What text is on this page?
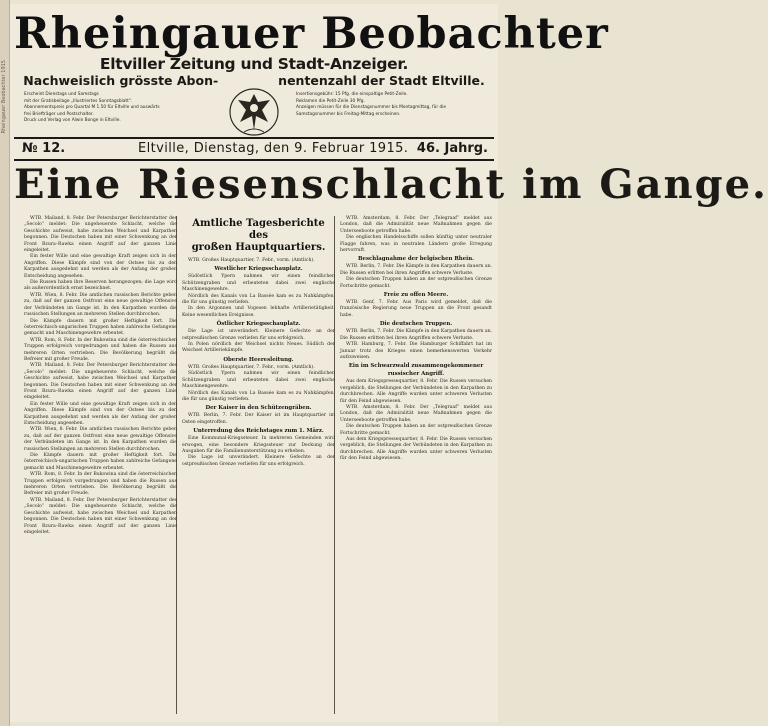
Rheingauer Beobachter 1915
Rheingauer Beobachter
Eltviller Zeitung und Stadt-Anzeiger.
Nachweislich grösste Abon-	nentenzahl der Stadt Eltville.
Erscheint Dienstags und Samstags
mit der Gratisbeilage „Illustriertes Sonntagsblatt“.
Abonnementspreis pro Quartal M 1.50 für Eltville und auswärts
frei Briefträger und Postschalter.
Druck und Verlag von Alwin Bonge in Eltville.
Insertionsgebühr: 15 Pfg. die einspaltige Petit-Zeile.
Reklamen die Petit-Zeile 30 Pfg.
Anzeigen müssen für die Dienstagsnummer bis Montagmittag, für die
Samstagsnummer bis Freitag-Mittag erscheinen.
№ 12.	Eltville, Dienstag, den 9. Februar 1915. 46. Jahrg.
Eine Riesenschlacht im Gange.

WTB. Mailand, 8. Febr. Der Petersburger Berichterstatter des „Secolo“ meldet: Die ungeheuerste Schlacht, welche die Geschichte aufweist, habe zwischen Weichsel und Karpathen begonnen. Die Deutschen haben mit einer Schwenkung an der Front Bzura–Rawka einen Angriff auf der ganzen Linie eingeleitet.

Ein fester Wille und eine gewaltige Kraft zeigen sich in den Angriffen. Diese Kämpfe sind von der Ostsee bis zu den Karpathen ausgedehnt und werden als der Anfang der großen Entscheidung angesehen.

Die Russen haben ihre Reserven herangezogen; die Lage wird als außerordentlich ernst bezeichnet.

WTB. Wien, 8. Febr. Die amtlichen russischen Berichte geben zu, daß auf der ganzen Ostfront eine neue gewaltige Offensive der Verbündeten im Gange ist. In den Karpathen wurden die russischen Stellungen an mehreren Stellen durchbrochen.

Die Kämpfe dauern mit großer Heftigkeit fort. Die österreichisch-ungarischen Truppen haben zahlreiche Gefangene gemacht und Maschinengewehre erbeutet.

WTB. Rom, 8. Febr. In der Bukowina sind die österreichischen Truppen erfolgreich vorgedrungen und haben die Russen aus mehreren Orten vertrieben. Die Bevölkerung begrüßt die Befreier mit großer Freude.

WTB. Mailand, 8. Febr. Der Petersburger Berichterstatter des „Secolo“ meldet: Die ungeheuerste Schlacht, welche die Geschichte aufweist, habe zwischen Weichsel und Karpathen begonnen. Die Deutschen haben mit einer Schwenkung an der Front Bzura–Rawka einen Angriff auf der ganzen Linie eingeleitet.

Ein fester Wille und eine gewaltige Kraft zeigen sich in den Angriffen. Diese Kämpfe sind von der Ostsee bis zu den Karpathen ausgedehnt und werden als der Anfang der großen Entscheidung angesehen.

WTB. Wien, 8. Febr. Die amtlichen russischen Berichte geben zu, daß auf der ganzen Ostfront eine neue gewaltige Offensive der Verbündeten im Gange ist. In den Karpathen wurden die russischen Stellungen an mehreren Stellen durchbrochen.

Die Kämpfe dauern mit großer Heftigkeit fort. Die österreichisch-ungarischen Truppen haben zahlreiche Gefangene gemacht und Maschinengewehre erbeutet.

WTB. Rom, 8. Febr. In der Bukowina sind die österreichischen Truppen erfolgreich vorgedrungen und haben die Russen aus mehreren Orten vertrieben. Die Bevölkerung begrüßt die Befreier mit großer Freude.

WTB. Mailand, 8. Febr. Der Petersburger Berichterstatter des „Secolo“ meldet: Die ungeheuerste Schlacht, welche die Geschichte aufweist, habe zwischen Weichsel und Karpathen begonnen. Die Deutschen haben mit einer Schwenkung an der Front Bzura–Rawka einen Angriff auf der ganzen Linie eingeleitet.

Amtliche Tagesberichte des
großen Hauptquartiers.

WTB. Großes Hauptquartier, 7. Febr., vorm. (Amtlich).

Westlicher Kriegsschauplatz.

Südöstlich Ypern nahmen wir einen feindlichen Schützengraben und erbeuteten dabei zwei englische Maschinengewehre.

Nördlich des Kanals von La Bassée kam es zu Nahkämpfen, die für uns günstig verliefen.

In den Argonnen und Vogesen lebhafte Artillerietätigkeit. Keine wesentlichen Ereignisse.

Östlicher Kriegsschauplatz.

Die Lage ist unverändert. Kleinere Gefechte an der ostpreußischen Grenze verliefen für uns erfolgreich.

In Polen nördlich der Weichsel nichts Neues. Südlich der Weichsel Artilleriekämpfe.

Oberste Heeresleitung.

WTB. Großes Hauptquartier, 7. Febr., vorm. (Amtlich).

Südöstlich Ypern nahmen wir einen feindlichen Schützengraben und erbeuteten dabei zwei englische Maschinengewehre.

Nördlich des Kanals von La Bassée kam es zu Nahkämpfen, die für uns günstig verliefen.

Der Kaiser in den Schützengräben.

WTB. Berlin, 7. Febr. Der Kaiser ist im Hauptquartier im Osten eingetroffen.

Unterredung des Reichstages zum 1. März.

Eine Kommunal-Kriegssteuer. In mehreren Gemeinden wird erwogen, eine besondere Kriegssteuer zur Deckung der Ausgaben für die Familienunterstützung zu erheben.

Die Lage ist unverändert. Kleinere Gefechte an der ostpreußischen Grenze verliefen für uns erfolgreich.

WTB. Amsterdam, 8. Febr. Der „Telegraaf“ meldet aus London, daß die Admiralität neue Maßnahmen gegen die Unterseeboote getroffen habe.

Die englischen Handelsschiffe sollen künftig unter neutraler Flagge fahren, was in neutralen Ländern große Erregung hervorruft.

Beschlagnahme der belgischen Rhein.

WTB. Berlin, 7. Febr. Die Kämpfe in den Karpathen dauern an. Die Russen erlitten bei ihren Angriffen schwere Verluste.

Die deutschen Truppen haben an der ostpreußischen Grenze Fortschritte gemacht.

Freie zu offen Meere.

WTB. Genf, 7. Febr. Aus Paris wird gemeldet, daß die französische Regierung neue Truppen an die Front gesandt habe.

Die deutschen Truppen.

WTB. Berlin, 7. Febr. Die Kämpfe in den Karpathen dauern an. Die Russen erlitten bei ihren Angriffen schwere Verluste.

WTB. Hamburg, 7. Febr. Die Hamburger Schiffahrt hat im Januar trotz des Krieges einen bemerkenswerten Verkehr aufzuweisen.

Ein im Schwarzwald zusammengekommener russischer Angriff.

Aus dem Kriegspressequartier, 8. Febr. Die Russen versuchen vergeblich, die Stellungen der Verbündeten in den Karpathen zu durchbrechen. Alle Angriffe wurden unter schweren Verlusten für den Feind abgewiesen.

WTB. Amsterdam, 8. Febr. Der „Telegraaf“ meldet aus London, daß die Admiralität neue Maßnahmen gegen die Unterseeboote getroffen habe.

Die deutschen Truppen haben an der ostpreußischen Grenze Fortschritte gemacht.

Aus dem Kriegspressequartier, 8. Febr. Die Russen versuchen vergeblich, die Stellungen der Verbündeten in den Karpathen zu durchbrechen. Alle Angriffe wurden unter schweren Verlusten für den Feind abgewiesen.
